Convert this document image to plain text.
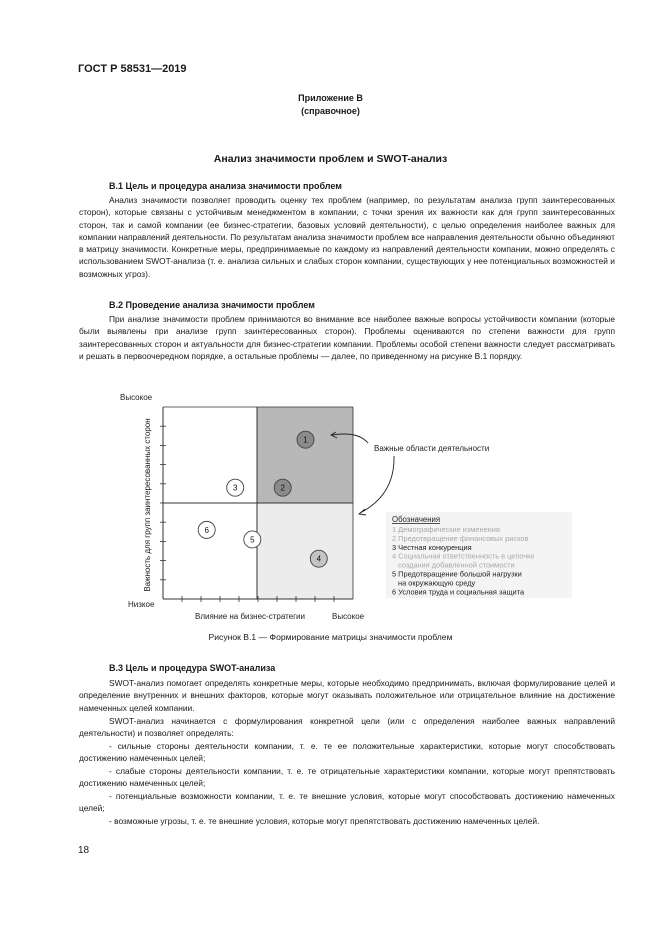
ГОСТ Р 58531—2019
Приложение В
(справочное)
Анализ значимости проблем и SWOT-анализ
В.1 Цель и процедура анализа значимости проблем
Анализ значимости позволяет проводить оценку тех проблем (например, по результатам анализа групп заинтересованных сторон), которые связаны с устойчивым менеджментом в компании, с точки зрения их важности как для групп заинтересованных сторон, так и самой компании (ее бизнес-стратегии, базовых условий деятельности), с целью определения наиболее важных для компании направлений деятельности. По результатам анализа значимости проблем все направления деятельности обычно объединяют в матрицу значимости. Конкретные меры, предпринимаемые по каждому из направлений деятельности компании, можно определять с использованием SWOT-анализа (т. е. анализа сильных и слабых сторон компании, существующих у нее потенциальных возможностей и возможных угроз).
В.2 Проведение анализа значимости проблем
При анализе значимости проблем принимаются во внимание все наиболее важные вопросы устойчивости компании (которые были выявлены при анализе групп заинтересованных сторон). Проблемы оцениваются по степени важности для групп заинтересованных сторон и актуальности для бизнес-стратегии компании. Проблемы особой степени важности следует рассматривать и решать в первоочередном порядке, а остальные проблемы — далее, по приведенному на рисунке В.1 порядку.
Высокое
Низкое
Высокое
Влияние на бизнес-стратегии
Важность для групп заинтересованных сторон	1
2
3
4
5
6
Важные области деятельности
Обозначения
1 Демографические изменения
2 Предотвращение финансовых рисков
3 Честная конкуренция
4 Социальная ответственность в цепочке
создания добавленной стоимости
5 Предотвращение большой нагрузки
на окружающую среду
6 Условия труда и социальная защита
Рисунок В.1 — Формирование матрицы значимости проблем
В.3 Цель и процедура SWOT-анализа
SWOT-анализ помогает определять конкретные меры, которые необходимо предпринимать, включая формулирование целей и определение внутренних и внешних факторов, которые могут оказывать положительное или отрицательное влияние на достижение намеченных целей компании.
SWOT-анализ начинается с формулирования конкретной цели (или с определения наиболее важных направлений деятельности) и позволяет определять:
- сильные стороны деятельности компании, т. е. те ее положительные характеристики, которые могут способствовать достижению намеченных целей;
- слабые стороны деятельности компании, т. е. те отрицательные характеристики компании, которые могут препятствовать достижению намеченных целей;
- потенциальные возможности компании, т. е. те внешние условия, которые могут способствовать достижению намеченных целей;
- возможные угрозы, т. е. те внешние условия, которые могут препятствовать достижению намеченных целей.
18
